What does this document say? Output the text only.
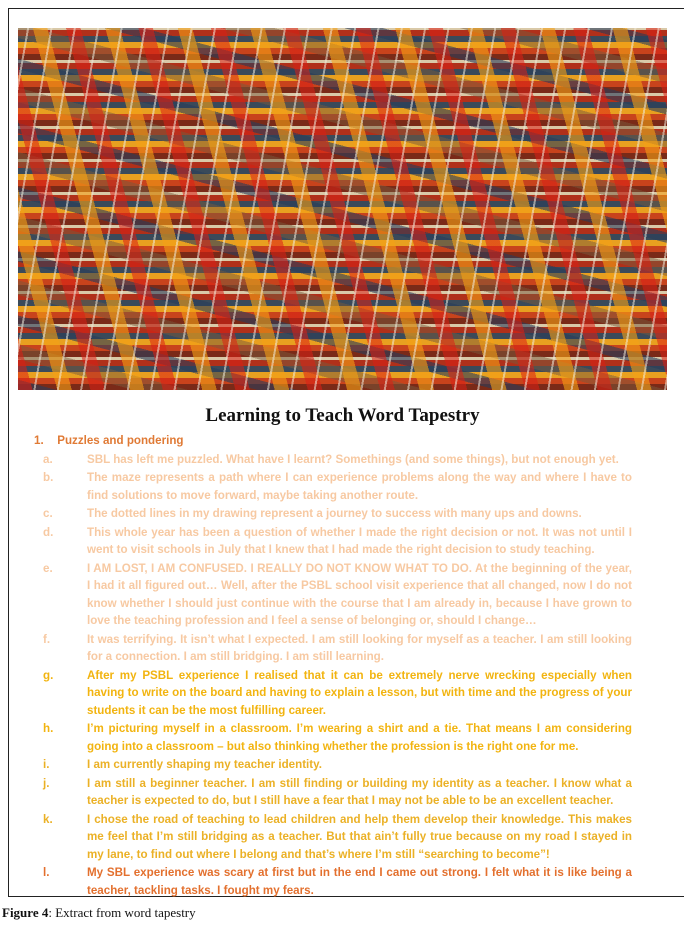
Learning to Teach Word Tapestry
1. Puzzles and pondering
a.	SBL has left me puzzled. What have I learnt? Somethings (and some things), but not enough yet.
b.	The maze represents a path where I can experience problems along the way and where I have to find solutions to move forward, maybe taking another route.
c.	The dotted lines in my drawing represent a journey to success with many ups and downs.
d.	This whole year has been a question of whether I made the right decision or not. It was not until I went to visit schools in July that I knew that I had made the right decision to study teaching.
e.	I AM LOST, I AM CONFUSED. I REALLY DO NOT KNOW WHAT TO DO. At the beginning of the year, I had it all figured out… Well, after the PSBL school visit experience that all changed, now I do not know whether I should just continue with the course that I am already in, because I have grown to love the teaching profession and I feel a sense of belonging or, should I change…
f.	It was terrifying. It isn’t what I expected. I am still looking for myself as a teacher. I am still looking for a connection. I am still bridging. I am still learning.
g.	After my PSBL experience I realised that it can be extremely nerve wrecking especially when having to write on the board and having to explain a lesson, but with time and the progress of your students it can be the most fulfilling career.
h.	I’m picturing myself in a classroom. I’m wearing a shirt and a tie. That means I am considering going into a classroom – but also thinking whether the profession is the right one for me.
i.	I am currently shaping my teacher identity.
j.	I am still a beginner teacher. I am still finding or building my identity as a teacher. I know what a teacher is expected to do, but I still have a fear that I may not be able to be an excellent teacher.
k.	I chose the road of teaching to lead children and help them develop their knowledge. This makes me feel that I’m still bridging as a teacher. But that ain’t fully true because on my road I stayed in my lane, to find out where I belong and that’s where I’m still “searching to become”!
l.	My SBL experience was scary at first but in the end I came out strong. I felt what it is like being a teacher, tackling tasks. I fought my fears.
Figure 4: Extract from word tapestry
